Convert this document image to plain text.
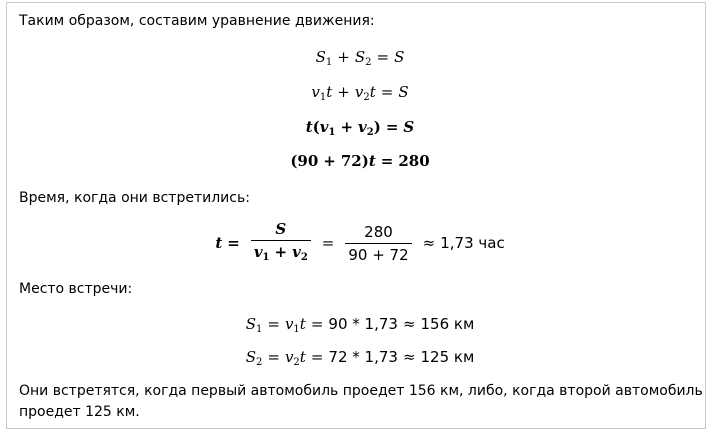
Таким образом, составим уравнение движения:
$S_1 + S_2 = S$
$v_1t + v_2t = S$
$t(v_1 + v_2) = S$
(90 + 72)t = 280
Время, когда они встретились:
$t = \frac{S}{v_1 + v_2} = \frac{280}{90 + 72} \approx 1,73$ час
Место встречи:
$S_1 = v_1t = 90 * 1,73 \approx 156$ км
$S_2 = v_2t = 72 * 1,73 \approx 125$ км
Они встретятся, когда первый автомобиль проедет 156 км, либо, когда второй автомобиль
проедет 125 км.
